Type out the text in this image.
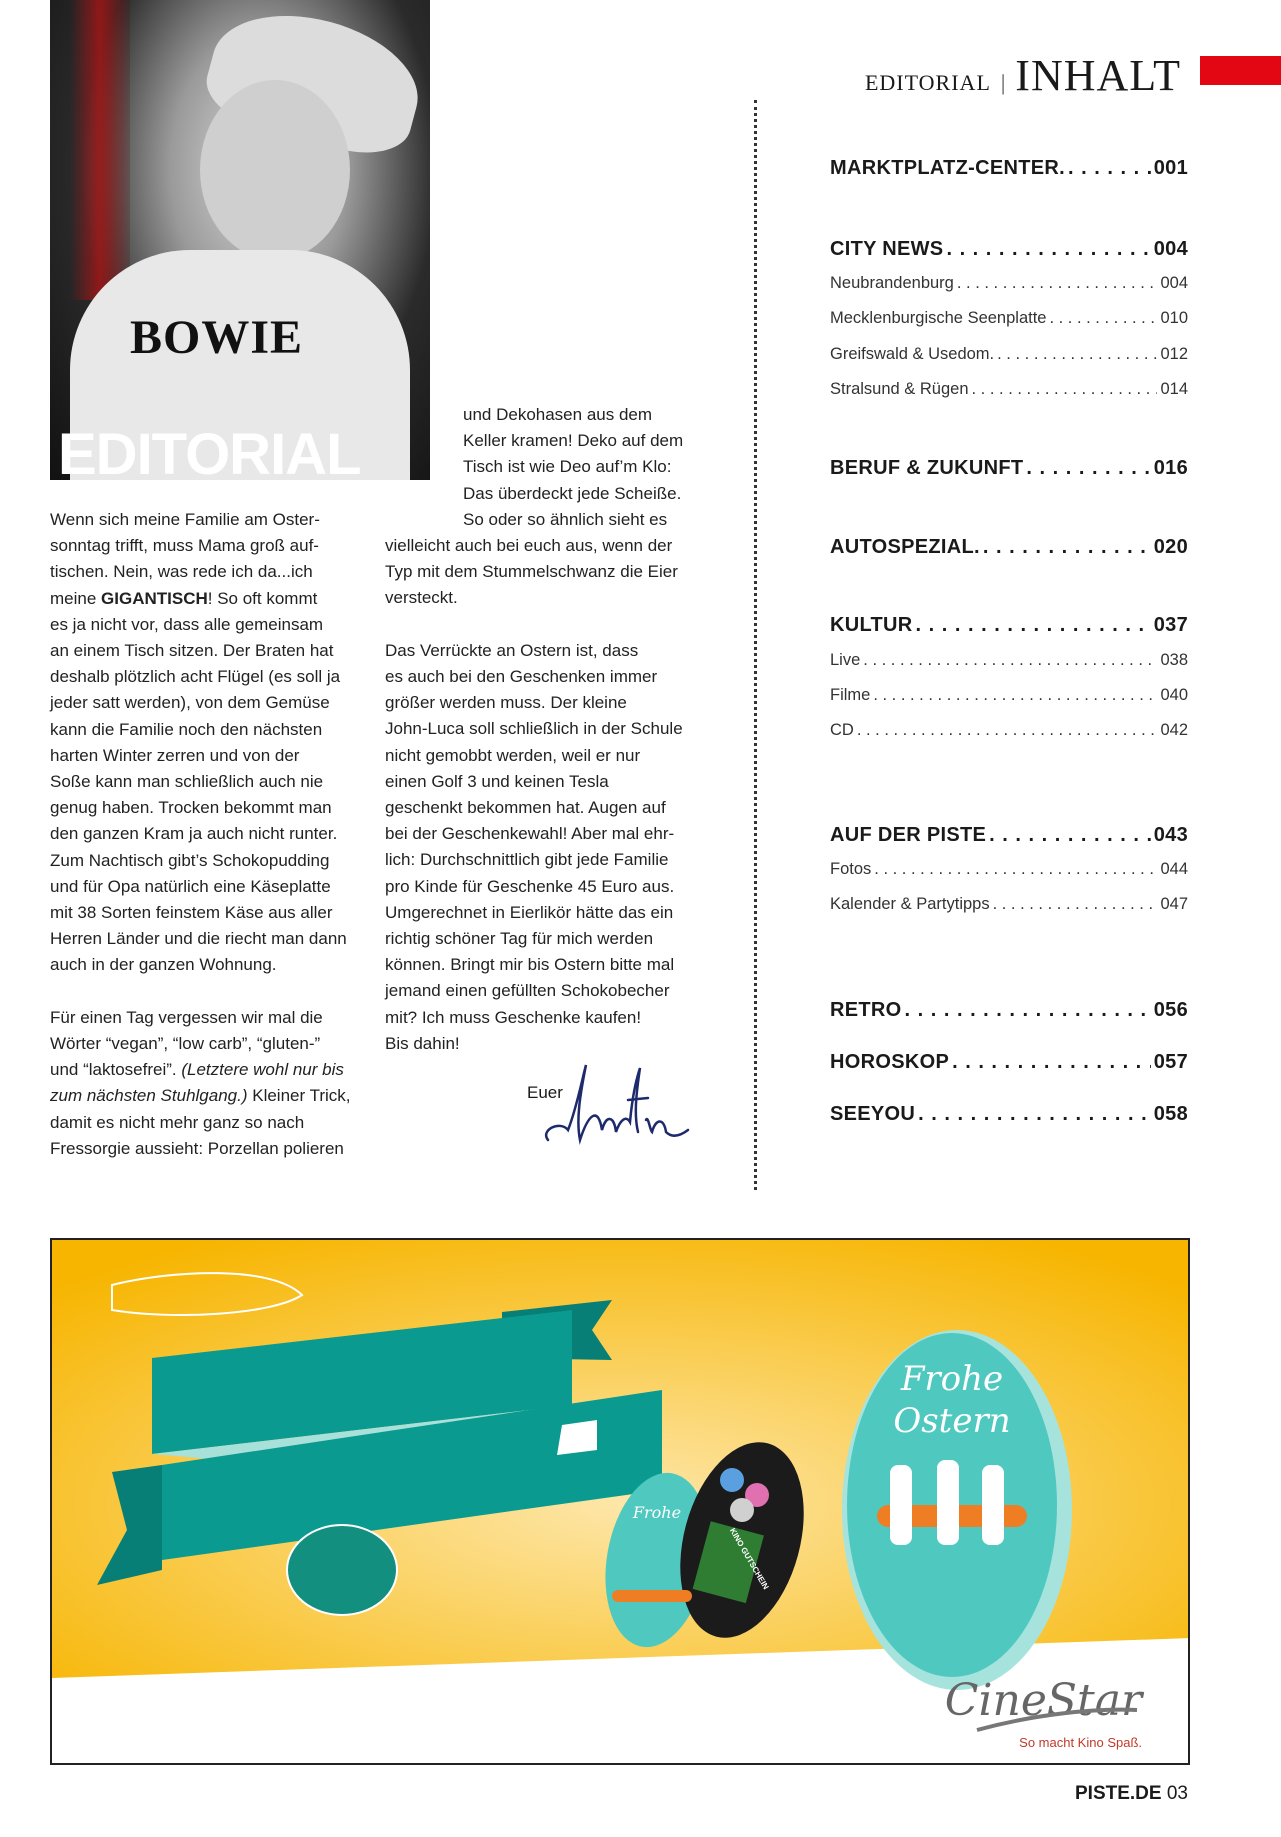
BOWIE
EDITORIAL
EDITORIAL | INHALT
Wenn sich meine Familie am Oster-
sonntag trifft, muss Mama groß auf-
tischen. Nein, was rede ich da...ich
meine GIGANTISCH! So oft kommt
es ja nicht vor, dass alle gemeinsam
an einem Tisch sitzen. Der Braten hat
deshalb plötzlich acht Flügel (es soll ja
jeder satt werden), von dem Gemüse
kann die Familie noch den nächsten
harten Winter zerren und von der
Soße kann man schließlich auch nie
genug haben. Trocken bekommt man
den ganzen Kram ja auch nicht runter.
Zum Nachtisch gibt’s Schokopudding
und für Opa natürlich eine Käseplatte
mit 38 Sorten feinstem Käse aus aller
Herren Länder und die riecht man dann
auch in der ganzen Wohnung.
Für einen Tag vergessen wir mal die
Wörter “vegan”, “low carb”, “gluten-”
und “laktosefrei”. (Letztere wohl nur bis
zum nächsten Stuhlgang.) Kleiner Trick,
damit es nicht mehr ganz so nach
Fressorgie aussieht: Porzellan polieren
und Dekohasen aus dem
Keller kramen! Deko auf dem
Tisch ist wie Deo auf’m Klo:
Das überdeckt jede Scheiße.
So oder so ähnlich sieht es
vielleicht auch bei euch aus, wenn der
Typ mit dem Stummelschwanz die Eier
versteckt.
Das Verrückte an Ostern ist, dass
es auch bei den Geschenken immer
größer werden muss. Der kleine
John-Luca soll schließlich in der Schule
nicht gemobbt werden, weil er nur
einen Golf 3 und keinen Tesla
geschenkt bekommen hat. Augen auf
bei der Geschenkewahl! Aber mal ehr-
lich: Durchschnittlich gibt jede Familie
pro Kinde für Geschenke 45 Euro aus.
Umgerechnet in Eierlikör hätte das ein
richtig schöner Tag für mich werden
können. Bringt mir bis Ostern bitte mal
jemand einen gefüllten Schokobecher
mit? Ich muss Geschenke kaufen!
Bis dahin!
Euer
MARKTPLATZ-CENTER. . . .	001
CITY NEWS . . .	004
Neubrandenburg . . .	004
Mecklenburgische Seenplatte . . .	010
Greifswald & Usedom. . . .	012
Stralsund & Rügen . . .	014
BERUF & ZUKUNFT . . .	016
AUTOSPEZIAL. . . .	020
KULTUR . . .	037
Live . . .	038
Filme . . .	040
CD . . .	042
AUF DER PISTE . . .	043
Fotos . . .	044
Kalender & Partytipps . . .	047
RETRO . . .	056
HOROSKOP . . .	057
SEEYOU . . .	058
Frohe
Ostern
Frohe
KINO GUTSCHEIN
CineStar
So macht Kino Spaß.
PISTE.DE 03
